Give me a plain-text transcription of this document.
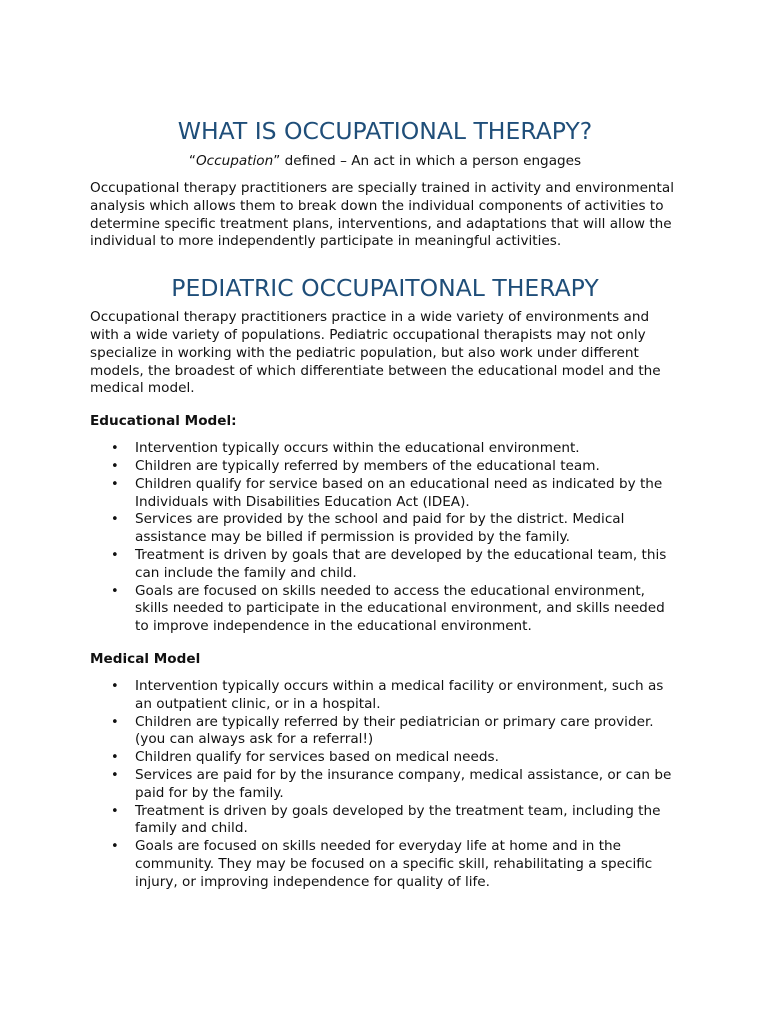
WHAT IS OCCUPATIONAL THERAPY?

“Occupation” defined – An act in which a person engages

Occupational therapy practitioners are specially trained in activity and environmental analysis which allows them to break down the individual components of activities to determine specific treatment plans, interventions, and adaptations that will allow the individual to more independently participate in meaningful activities.

PEDIATRIC OCCUPAITONAL THERAPY

Occupational therapy practitioners practice in a wide variety of environments and with a wide variety of populations. Pediatric occupational therapists may not only specialize in working with the pediatric population, but also work under different models, the broadest of which differentiate between the educational model and the medical model.

Educational Model:
• Intervention typically occurs within the educational environment.
• Children are typically referred by members of the educational team.
• Children qualify for service based on an educational need as indicated by the Individuals with Disabilities Education Act (IDEA).
• Services are provided by the school and paid for by the district. Medical assistance may be billed if permission is provided by the family.
• Treatment is driven by goals that are developed by the educational team, this can include the family and child.
• Goals are focused on skills needed to access the educational environment, skills needed to participate in the educational environment, and skills needed to improve independence in the educational environment.
Medical Model
• Intervention typically occurs within a medical facility or environment, such as an outpatient clinic, or in a hospital.
• Children are typically referred by their pediatrician or primary care provider. (you can always ask for a referral!)
• Children qualify for services based on medical needs.
• Services are paid for by the insurance company, medical assistance, or can be paid for by the family.
• Treatment is driven by goals developed by the treatment team, including the family and child.
• Goals are focused on skills needed for everyday life at home and in the community. They may be focused on a specific skill, rehabilitating a specific injury, or improving independence for quality of life.
